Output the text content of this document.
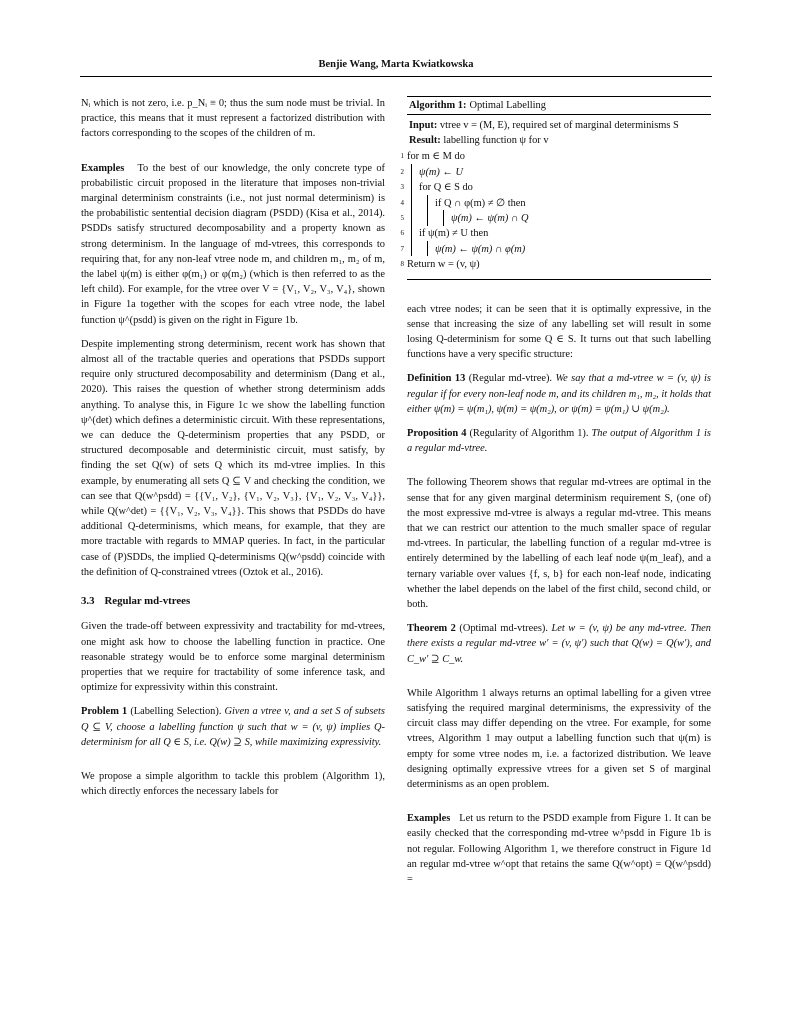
Benjie Wang, Marta Kwiatkowska

Nᵢ which is not zero, i.e. p_Nᵢ ≡ 0; thus the sum node must be trivial. In practice, this means that it must represent a factorized distribution with factors corresponding to the scopes of the children of m.

Examples To the best of our knowledge, the only concrete type of probabilistic circuit proposed in the literature that imposes non-trivial marginal determinism constraints (i.e., not just normal determinism) is the probabilistic sentential decision diagram (PSDD) (Kisa et al., 2014). PSDDs satisfy structured decomposability and a property known as strong determinism. In the language of md-vtrees, this corresponds to requiring that, for any non-leaf vtree node m, and children m₁, m₂ of m, the label ψ(m) is either φ(m₁) or φ(m₂) (which is then referred to as the left child). For example, for the vtree over V = {V₁, V₂, V₃, V₄}, shown in Figure 1a together with the scopes for each vtree node, the label function ψ^(psdd) is given on the right in Figure 1b.

Despite implementing strong determinism, recent work has shown that almost all of the tractable queries and operations that PSDDs support require only structured decomposability and determinism (Dang et al., 2020). This raises the question of whether strong determinism adds anything. To analyse this, in Figure 1c we show the labelling function ψ^(det) which defines a deterministic circuit. With these representations, we can deduce the Q-determinism properties that any PSDD, or structured decomposable and deterministic circuit, must satisfy, by finding the set Q(w) of sets Q which its md-vtree implies. In this example, by enumerating all sets Q ⊆ V and checking the condition, we can see that Q(w^psdd) = {{V₁, V₂}, {V₁, V₂, V₃}, {V₁, V₂, V₃, V₄}}, while Q(w^det) = {{V₁, V₂, V₃, V₄}}. This shows that PSDDs do have additional Q-determinisms, which means, for example, that they are more tractable with regards to MMAP queries. In fact, in the particular case of (P)SDDs, the implied Q-determinisms Q(w^psdd) coincide with the definition of Q-constrained vtrees (Oztok et al., 2016).

3.3 Regular md-vtrees

Given the trade-off between expressivity and tractability for md-vtrees, one might ask how to choose the labelling function in practice. One reasonable strategy would be to enforce some marginal determinism properties that we require for tractability of some inference task, and optimize for expressivity within this constraint.

Problem 1 (Labelling Selection). Given a vtree v, and a set S of subsets Q ⊆ V, choose a labelling function ψ such that w = (v, ψ) implies Q-determinism for all Q ∈ S, i.e. Q(w) ⊇ S, while maximizing expressivity.

We propose a simple algorithm to tackle this problem (Algorithm 1), which directly enforces the necessary labels for

Algorithm 1: Optimal Labelling
Input: vtree v = (M, E), required set of marginal determinisms S
Result: labelling function ψ for v
1 for m ∈ M do
2 ψ(m) ← U
3 for Q ∈ S do
4	if Q ∩ φ(m) ≠ ∅ then
5	ψ(m) ← ψ(m) ∩ Q
6 if ψ(m) ≠ U then
7	ψ(m) ← ψ(m) ∩ φ(m)
8 Return w = (v, ψ)

each vtree nodes; it can be seen that it is optimally expressive, in the sense that increasing the size of any labelling set will result in some losing Q-determinism for some Q ∈ S. It turns out that such labelling functions have a very specific structure:

Definition 13 (Regular md-vtree). We say that a md-vtree w = (v, ψ) is regular if for every non-leaf node m, and its children m₁, m₂, it holds that either ψ(m) = ψ(m₁), ψ(m) = ψ(m₂), or ψ(m) = ψ(m₁) ∪ ψ(m₂).

Proposition 4 (Regularity of Algorithm 1). The output of Algorithm 1 is a regular md-vtree.

The following Theorem shows that regular md-vtrees are optimal in the sense that for any given marginal determinism requirement S, (one of) the most expressive md-vtree is always a regular md-vtree. This means that we can restrict our attention to the much smaller space of regular md-vtrees. In particular, the labelling function of a regular md-vtree is entirely determined by the labelling of each leaf node ψ(m_leaf), and a ternary variable over values {f, s, b} for each non-leaf node, indicating whether the label depends on the label of the first child, second child, or both.

Theorem 2 (Optimal md-vtrees). Let w = (v, ψ) be any md-vtree. Then there exists a regular md-vtree w′ = (v, ψ′) such that Q(w) = Q(w′), and C_w′ ⊇ C_w.

While Algorithm 1 always returns an optimal labelling for a given vtree satisfying the required marginal determinisms, the expressivity of the circuit class may differ depending on the vtree. For example, for some vtrees, Algorithm 1 may output a labelling function such that ψ(m) is empty for some vtree nodes m, i.e. a factorized distribution. We leave designing optimally expressive vtrees for a given set S of marginal determinisms as an open problem.

Examples Let us return to the PSDD example from Figure 1. It can be easily checked that the corresponding md-vtree w^psdd in Figure 1b is not regular. Following Algorithm 1, we therefore construct in Figure 1d an regular md-vtree w^opt that retains the same Q(w^opt) = Q(w^psdd) =
